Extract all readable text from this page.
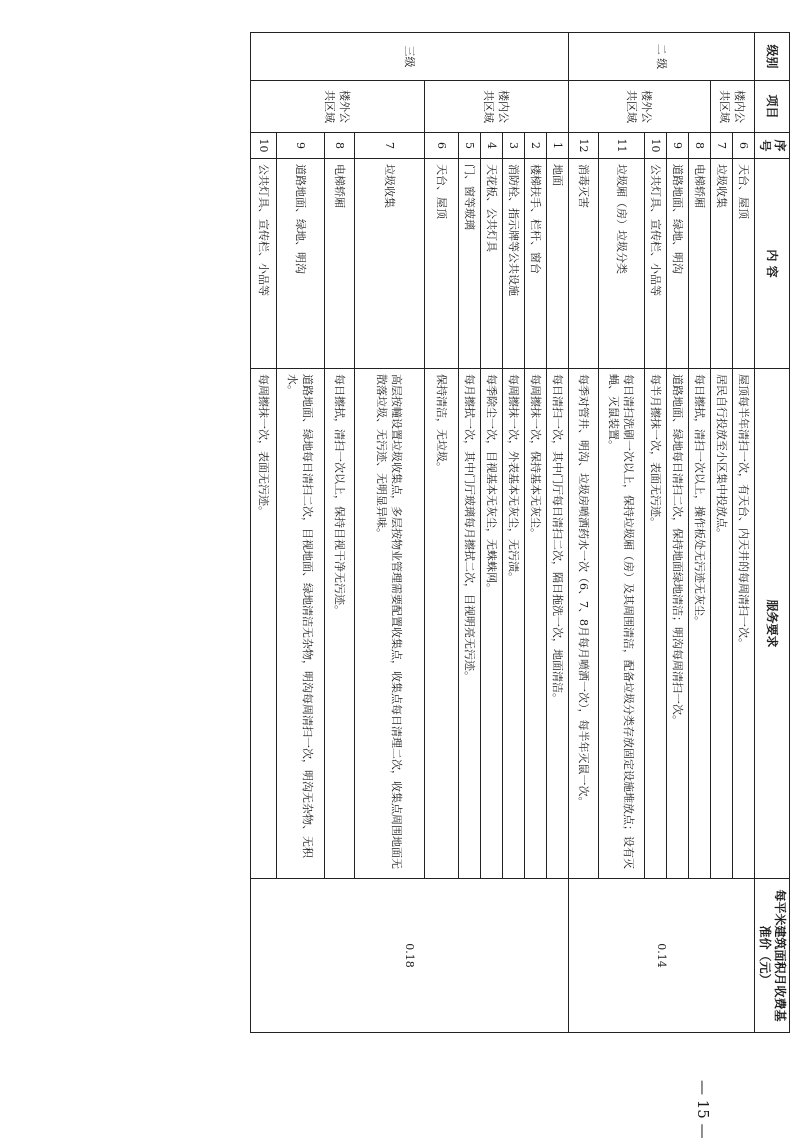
级别	项目	序号	内 容	服务要求	每平米建筑面积月收费基准价（元）
二 级	楼内公共区域	6	天台、屋顶	屋顶每半年清扫一次，有天台、内天井的每周清扫一次。	0.14
		7	垃圾收集	居民自行投放至小区集中投放点。	
	楼外公共区域	8	电梯轿厢	每日擦拭，清扫一次以上，操作板处无污迹无灰尘。	
		9	道路地面、绿地、明沟	道路地面、绿地每日清扫二次，保持地面绿地清洁；明沟每周清扫一次。	
		10	公共灯具、宣传栏、小品等	每半月擦抹一次，表面无污迹。	
		11	垃圾厢（房）垃圾分类	每日清扫洗刷一次以上，保持垃圾厢（房）及其周围清洁，配备垃圾分类存放固定设施堆放点；设有灭蝇、灭鼠装置。	
		12	消毒灭害	每季对管井、明沟、垃圾房喷洒药水一次（6、7、8月每月喷洒一次），每半年灭鼠一次。	
三级	楼内公共区域	1	地面	每日清扫一次，其中门厅每日清扫二次，隔日拖洗一次，地面清洁。	0.18
		2	楼梯扶手、栏杆、窗台	每周擦抹一次，保持基本无灰尘。	
		3	消防栓、指示牌等公共设施	每周擦抹一次，外表基本无灰尘，无污渍。	
		4	天花板、公共灯具	每季除尘一次，目视基本无灰尘，无蛛蛛网。	
		5	门、窗等玻璃	每月擦拭一次，其中门厅玻璃每月擦拭二次，目视明亮无污迹。	
		6	天台、屋顶	保持清洁，无垃圾。	
	楼外公共区域	7	垃圾收集	高层按幢设置垃圾收集点，多层按物业管理需要配置收集点，收集点每日清理二次，收集点周围地面无散落垃圾、无污迹、无明显异味。	
		8	电梯轿厢	每日擦拭，清扫一次以上，保持目视干净无污迹。	
		9	道路地面、绿地、明沟	道路地面、绿地每日清扫二次，目视地面、绿地清洁无杂物，明沟每周清扫一次，明沟无杂物、无积水。	
		10	公共灯具、宣传栏、小品等	每周擦抹一次，表面无污迹。	
— 15 —
